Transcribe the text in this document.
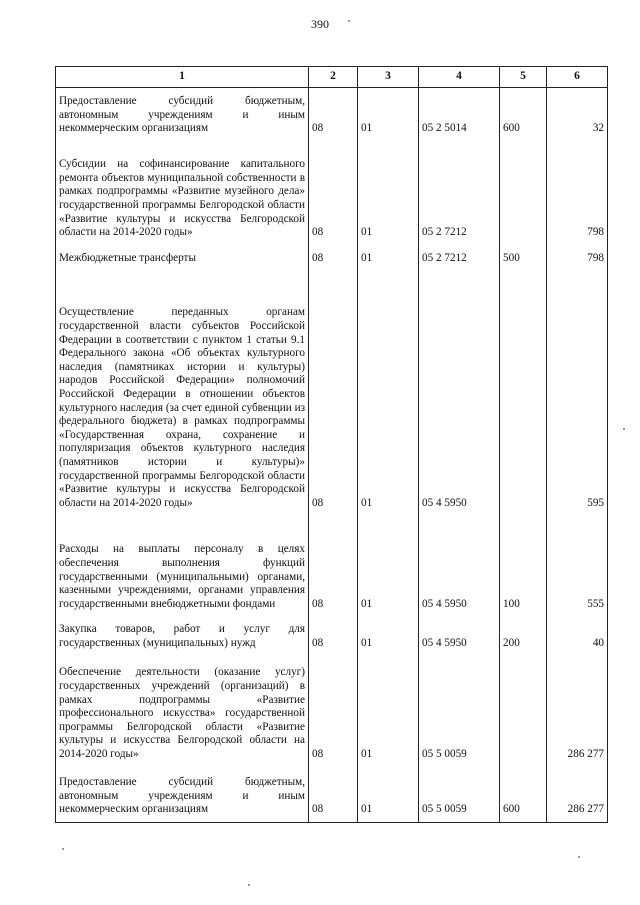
390
1	2	3	4	5	6
Предоставление субсидий бюджетным, автономным учреждениям и иным некоммерческим организациям	08	01	05 2 5014	600	32
Субсидии на софинансирование капитального ремонта объектов муниципальной собственности в рамках подпрограммы «Развитие музейного дела» государственной программы Белгородской области «Развитие культуры и искусства Белгородской области на 2014-2020 годы»	08	01	05 2 7212		798
Межбюджетные трансферты	08	01	05 2 7212	500	798
Осуществление переданных органам государственной власти субъектов Российской Федерации в соответствии с пунктом 1 статьи 9.1 Федерального закона «Об объектах культурного наследия (памятниках истории и культуры) народов Российской Федерации» полномочий Российской Федерации в отношении объектов культурного наследия (за счет единой субвенции из федерального бюджета) в рамках подпрограммы «Государственная охрана, сохранение и популяризация объектов культурного наследия (памятников истории и культуры)» государственной программы Белгородской области «Развитие культуры и искусства Белгородской области на 2014-2020 годы»	08	01	05 4 5950		595
Расходы на выплаты персоналу в целях обеспечения выполнения функций государственными (муниципальными) органами, казенными учреждениями, органами управления государственными внебюджетными фондами	08	01	05 4 5950	100	555
Закупка товаров, работ и услуг для государственных (муниципальных) нужд	08	01	05 4 5950	200	40
Обеспечение деятельности (оказание услуг) государственных учреждений (организаций) в рамках подпрограммы «Развитие профессионального искусства» государственной программы Белгородской области «Развитие культуры и искусства Белгородской области на 2014-2020 годы»	08	01	05 5 0059		286 277
Предоставление субсидий бюджетным, автономным учреждениям и иным некоммерческим организациям	08	01	05 5 0059	600	286 277
